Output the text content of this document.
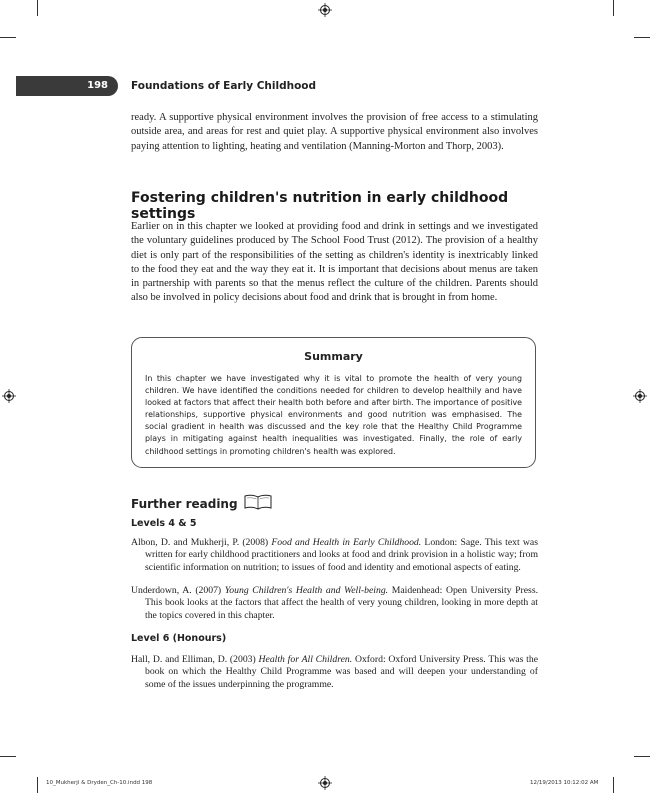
198	Foundations of Early Childhood
ready. A supportive physical environment involves the provision of free access to a stimulating outside area, and areas for rest and quiet play. A supportive physical environment also involves paying attention to lighting, heating and ventilation (Manning-Morton and Thorp, 2003).
Fostering children's nutrition in early childhood settings
Earlier on in this chapter we looked at providing food and drink in settings and we investigated the voluntary guidelines produced by The School Food Trust (2012). The provision of a healthy diet is only part of the responsibilities of the setting as children's identity is inextricably linked to the food they eat and the way they eat it. It is important that decisions about menus are taken in partnership with parents so that the menus reflect the culture of the children. Parents should also be involved in policy decisions about food and drink that is brought in from home.
Summary
In this chapter we have investigated why it is vital to promote the health of very young children. We have identified the conditions needed for children to develop healthily and have looked at factors that affect their health both before and after birth. The importance of positive relationships, supportive physical environments and good nutrition was emphasised. The social gradient in health was discussed and the key role that the Healthy Child Programme plays in mitigating against health inequalities was investigated. Finally, the role of early childhood settings in promoting children's health was explored.
Further reading
Levels 4 & 5
Albon, D. and Mukherji, P. (2008) Food and Health in Early Childhood. London: Sage. This text was written for early childhood practitioners and looks at food and drink provision in a holistic way; from scientific information on nutrition; to issues of food and identity and emotional aspects of eating.
Underdown, A. (2007) Young Children's Health and Well-being. Maidenhead: Open University Press. This book looks at the factors that affect the health of very young children, looking in more depth at the topics covered in this chapter.
Level 6 (Honours)
Hall, D. and Elliman, D. (2003) Health for All Children. Oxford: Oxford University Press. This was the book on which the Healthy Child Programme was based and will deepen your understanding of some of the issues underpinning the programme.
10_Mukherji & Dryden_Ch-10.indd 198	12/19/2013 10:12:02 AM
